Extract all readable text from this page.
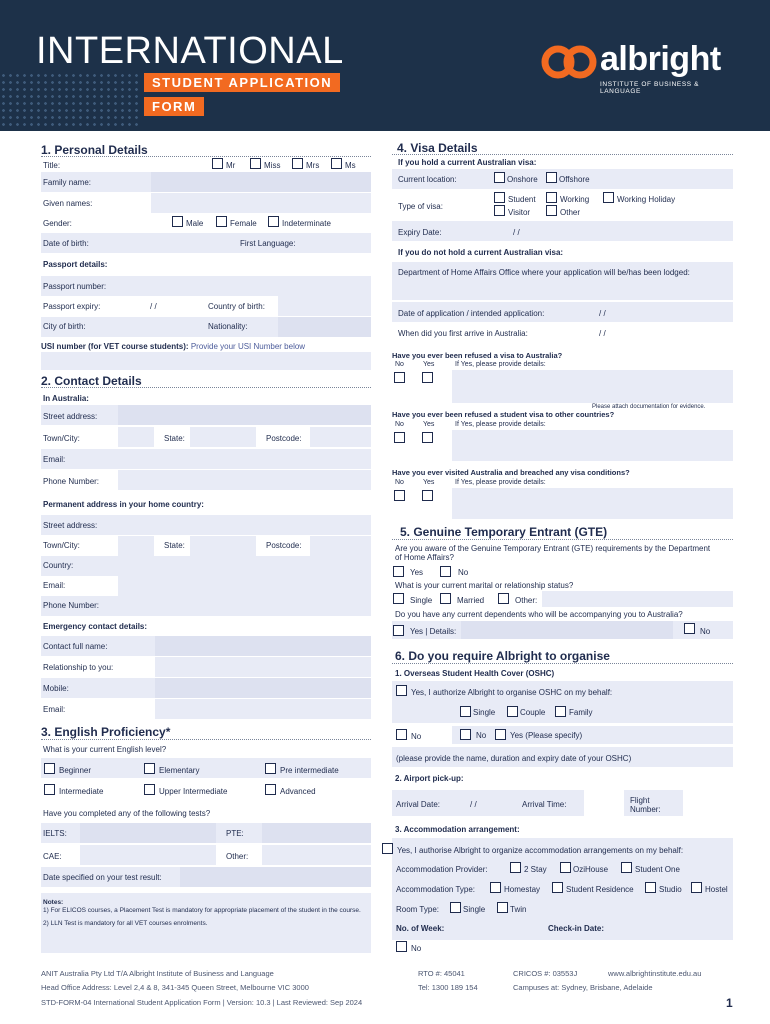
INTERNATIONAL
STUDENT APPLICATION
FORM
albright
INSTITUTE OF BUSINESS & LANGUAGE
1. Personal Details
Title:	Mr	Miss	Mrs	Ms
Family name:
Given names:
Gender:	Male	Female	Indeterminate
Date of birth:	First Language:
Passport details:
Passport number:
Passport expiry:	/ /	Country of birth:
City of birth:	Nationality:
USI number (for VET course students): Provide your USI Number below
2. Contact Details
In Australia:
Street address:
Town/City:	State:	Postcode:
Email:
Phone Number:
Permanent address in your home country:
Street address:
Town/City:	State:	Postcode:
Country:
Email:
Phone Number:
Emergency contact details:
Contact full name:
Relationship to you:
Mobile:
Email:
3. English Proficiency*
What is your current English level?
Beginner	Elementary	Pre intermediate
Intermediate	Upper Intermediate	Advanced
Have you completed any of the following tests?
IELTS:	PTE:
CAE:	Other:
Date specified on your test result:
Notes:
1) For ELICOS courses, a Placement Test is mandatory for appropriate placement of the student in the course.
2) LLN Test is mandatory for all VET courses enrolments.
4. Visa Details
If you hold a current Australian visa:
Current location:	Onshore	Offshore
Type of visa:
Student	Working	Working Holiday
Visitor	Other
Expiry Date:	/ /
If you do not hold a current Australian visa:
Department of Home Affairs Office where your application will be/has been lodged:
Date of application / intended application:	/ /
When did you first arrive in Australia:	/ /
Have you ever been refused a visa to Australia?
No	Yes	If Yes, please provide details:
Please attach documentation for evidence.
Have you ever been refused a student visa to other countries?
No	Yes	If Yes, please provide details:
Have you ever visited Australia and breached any visa conditions?
No	Yes	If Yes, please provide details:
5. Genuine Temporary Entrant (GTE)
Are you aware of the Genuine Temporary Entrant (GTE) requirements by the Department of Home Affairs?
Yes	No
What is your current marital or relationship status?
Single	Married	Other:
Do you have any current dependents who will be accompanying you to Australia?
Yes | Details:	No
6. Do you require Albright to organise
1. Overseas Student Health Cover (OSHC)
Yes, I authorize Albright to organise OSHC on my behalf:
Single	Couple	Family
No	No	Yes (Please specify)
(please provide the name, duration and expiry date of your OSHC)
2. Airport pick-up:
Arrival Date:	/ /	Arrival Time:	Flight Number:
3. Accommodation arrangement:
Yes, I authorise Albright to organize accommodation arrangements on my behalf:
Accommodation Provider:	2 Stay	OziHouse	Student One
Accommodation Type:	Homestay	Student Residence	Studio	Hostel
Room Type:	Single	Twin
No. of Week:	Check-in Date:
No
ANIT Australia Pty Ltd T/A Albright Institute of Business and Language	RTO #: 45041	CRICOS #: 03553J	www.albrightinstitute.edu.au
Head Office Address: Level 2,4 & 8, 341-345 Queen Street, Melbourne VIC 3000	Tel: 1300 189 154	Campuses at: Sydney, Brisbane, Adelaide
STD-FORM-04 International Student Application Form | Version: 10.3 | Last Reviewed: Sep 2024	1
